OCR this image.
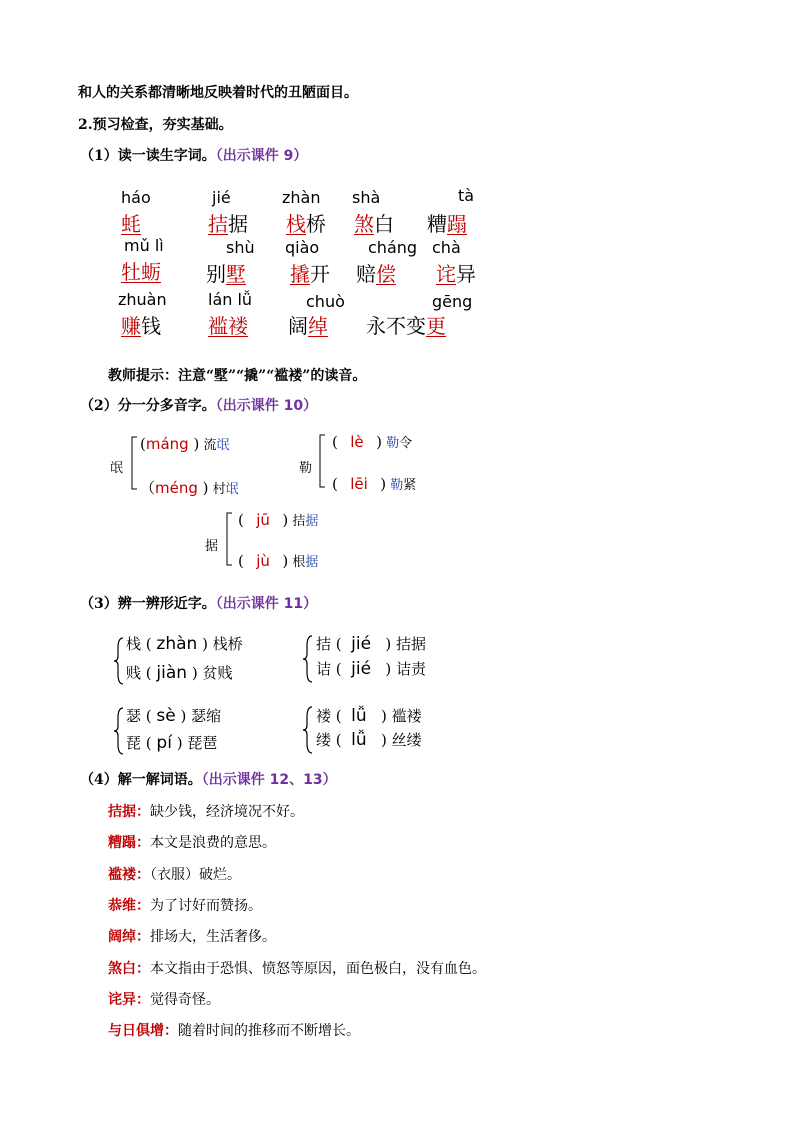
和人的关系都清晰地反映着时代的丑陋面目。
2.预习检查，夯实基础。
（1）读一读生字词。（出示课件 9）
háo
蚝
jié
拮据
zhàn
栈桥
shà
煞白
tà
糟蹋
mǔ lì
牡蛎
shù
别墅
qiào
撬开
cháng
赔偿
chà
诧异
zhuàn
赚钱
lán lǚ
褴褛
chuò
阔绰
gēng
永不变更
教师提示：注意“墅”“撬”“褴褛”的读音。
（2）分一分多音字。（出示课件 10）
氓
(máng ) 流氓
（méng ) 村氓
勒
( lè ) 勒令
( lēi ) 勒紧
据
( jū ) 拮据
( jù ) 根据
（3）辨一辨形近字。（出示课件 11）
栈 ( zhàn ) 栈桥
贱 ( jiàn ) 贫贱
拮 (  jié   ) 拮据
诘 (  jié   ) 诘责
瑟 ( sè ) 瑟缩
琵 ( pí ) 琵琶
褛 (  lǚ   ) 褴褛
缕 (  lǚ   ) 丝缕
（4）解一解词语。（出示课件 12、13）
拮据：缺少钱，经济境况不好。
糟蹋：本文是浪费的意思。
褴褛：（衣服）破烂。
恭维：为了讨好而赞扬。
阔绰：排场大，生活奢侈。
煞白：本文指由于恐惧、愤怒等原因，面色极白，没有血色。
诧异：觉得奇怪。
与日俱增：随着时间的推移而不断增长。
